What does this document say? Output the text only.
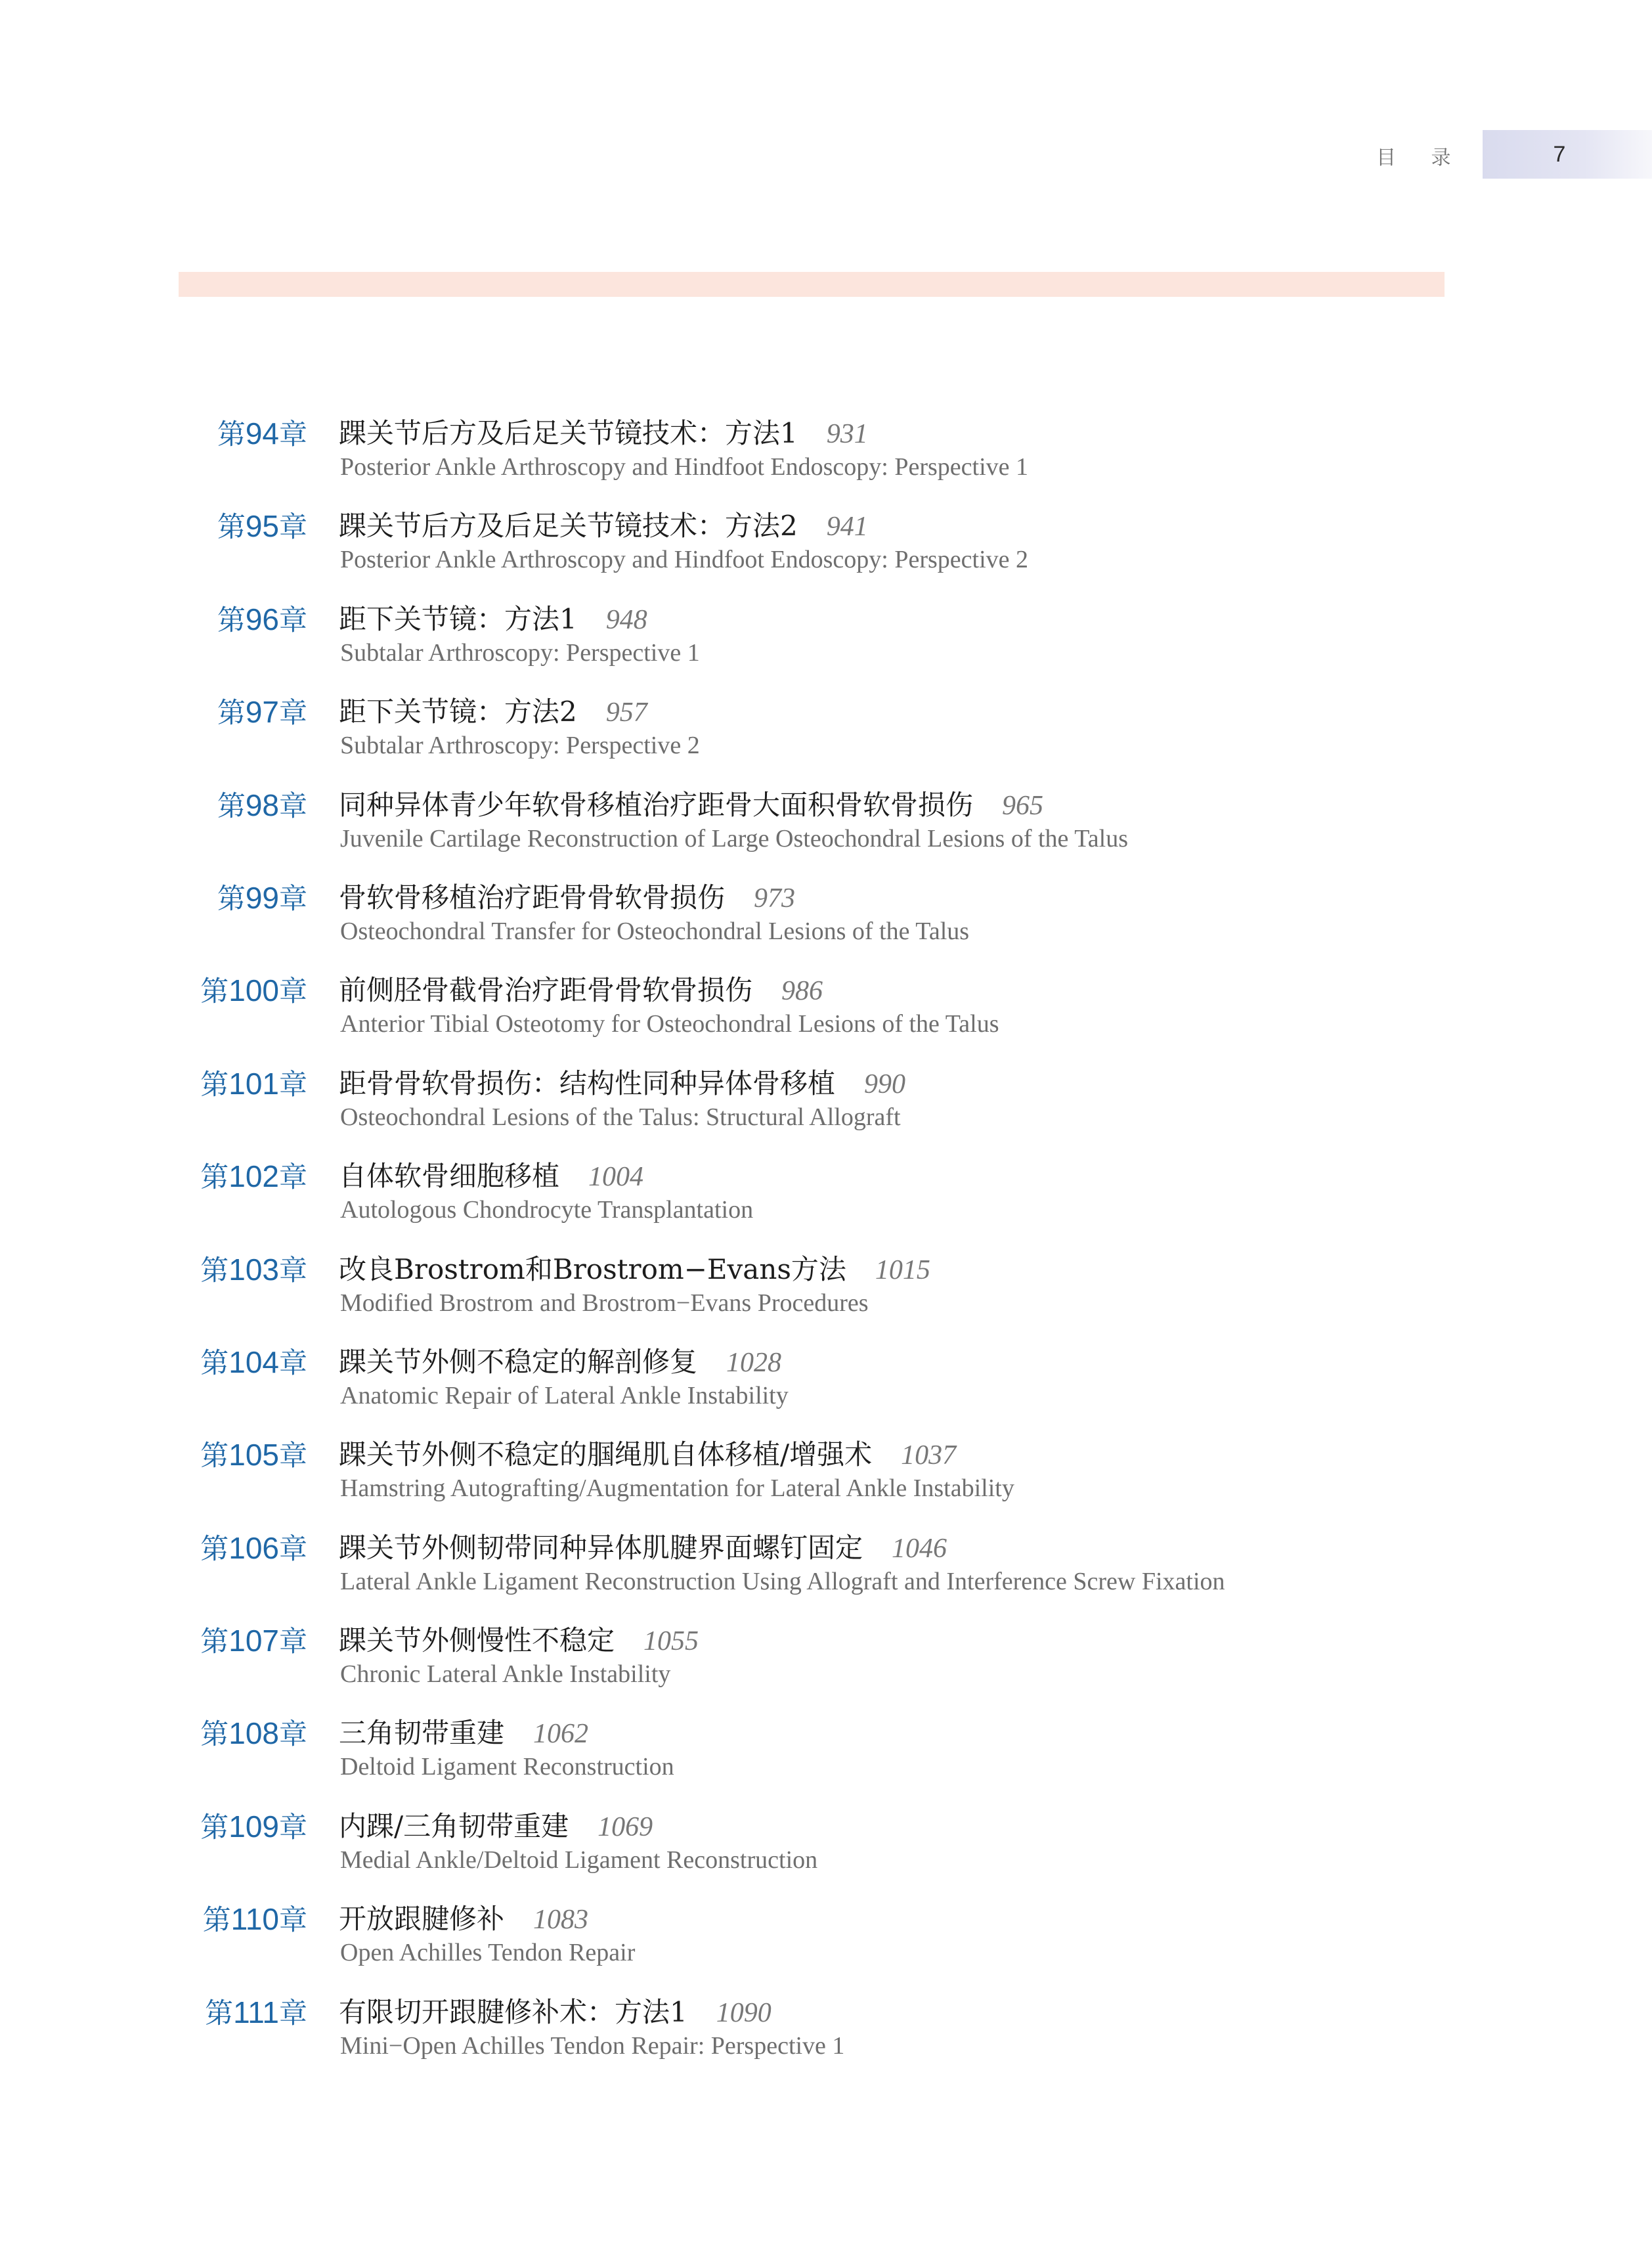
目 录	7
第94章 踝关节后方及后足关节镜技术：方法1 931
Posterior Ankle Arthroscopy and Hindfoot Endoscopy: Perspective 1
第95章 踝关节后方及后足关节镜技术：方法2 941
Posterior Ankle Arthroscopy and Hindfoot Endoscopy: Perspective 2
第96章 距下关节镜：方法1 948
Subtalar Arthroscopy: Perspective 1
第97章 距下关节镜：方法2 957
Subtalar Arthroscopy: Perspective 2
第98章 同种异体青少年软骨移植治疗距骨大面积骨软骨损伤 965
Juvenile Cartilage Reconstruction of Large Osteochondral Lesions of the Talus
第99章 骨软骨移植治疗距骨骨软骨损伤 973
Osteochondral Transfer for Osteochondral Lesions of the Talus
第100章 前侧胫骨截骨治疗距骨骨软骨损伤 986
Anterior Tibial Osteotomy for Osteochondral Lesions of the Talus
第101章 距骨骨软骨损伤：结构性同种异体骨移植 990
Osteochondral Lesions of the Talus: Structural Allograft
第102章 自体软骨细胞移植 1004
Autologous Chondrocyte Transplantation
第103章 改良Brostrom和Brostrom−Evans方法 1015
Modified Brostrom and Brostrom−Evans Procedures
第104章 踝关节外侧不稳定的解剖修复 1028
Anatomic Repair of Lateral Ankle Instability
第105章 踝关节外侧不稳定的腘绳肌自体移植/增强术 1037
Hamstring Autografting/Augmentation for Lateral Ankle Instability
第106章 踝关节外侧韧带同种异体肌腱界面螺钉固定 1046
Lateral Ankle Ligament Reconstruction Using Allograft and Interference Screw Fixation
第107章 踝关节外侧慢性不稳定 1055
Chronic Lateral Ankle Instability
第108章 三角韧带重建 1062
Deltoid Ligament Reconstruction
第109章 内踝/三角韧带重建 1069
Medial Ankle/Deltoid Ligament Reconstruction
第110章 开放跟腱修补 1083
Open Achilles Tendon Repair
第111章 有限切开跟腱修补术：方法1 1090
Mini−Open Achilles Tendon Repair: Perspective 1
